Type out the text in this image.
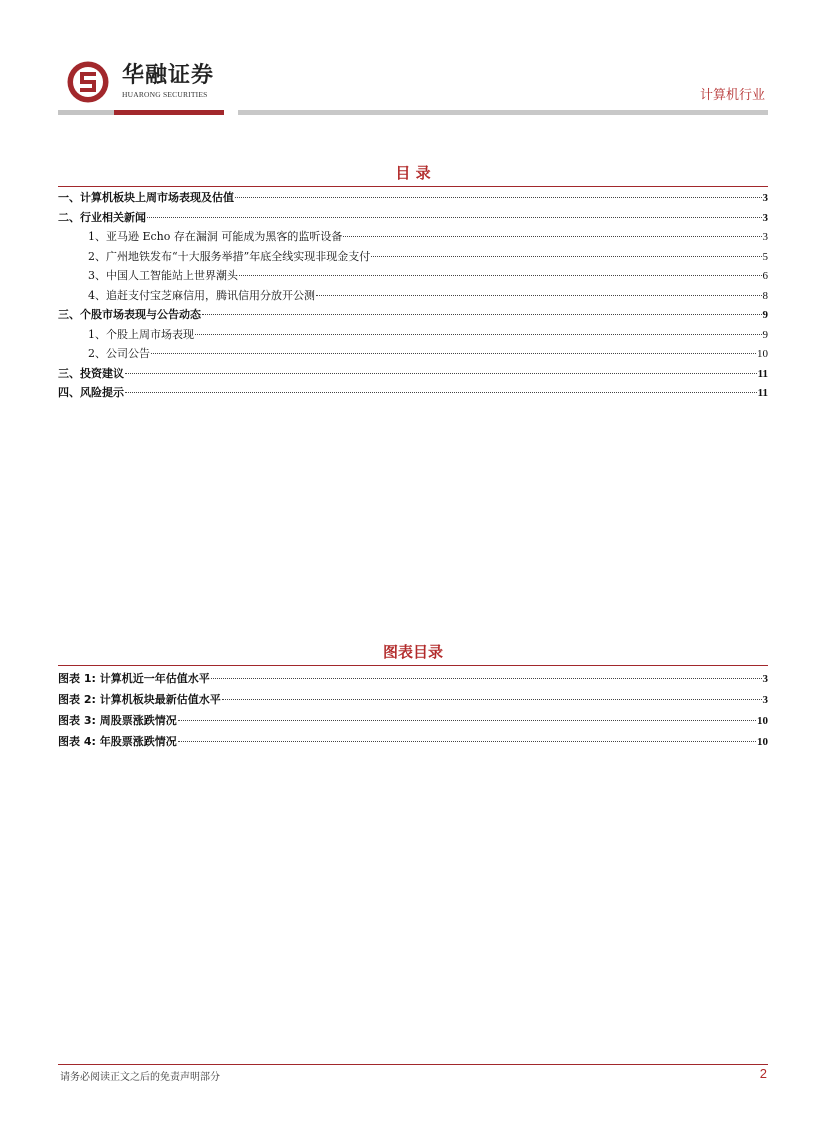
华融证券
HUARONG SECURITIES	计算机行业
目 录
一、计算机板块上周市场表现及估值	3
二、行业相关新闻	3
1、亚马逊 Echo 存在漏洞 可能成为黑客的监听设备	3
2、广州地铁发布“十大服务举措”年底全线实现非现金支付	5
3、中国人工智能站上世界潮头	6
4、追赶支付宝芝麻信用，腾讯信用分放开公测	8
三、个股市场表现与公告动态	9
1、个股上周市场表现	9
2、公司公告	10
三、投资建议	11
四、风险提示	11
图表目录
图表 1: 计算机近一年估值水平	3
图表 2: 计算机板块最新估值水平	3
图表 3: 周股票涨跌情况	10
图表 4: 年股票涨跌情况	10
请务必阅读正文之后的免责声明部分	2
